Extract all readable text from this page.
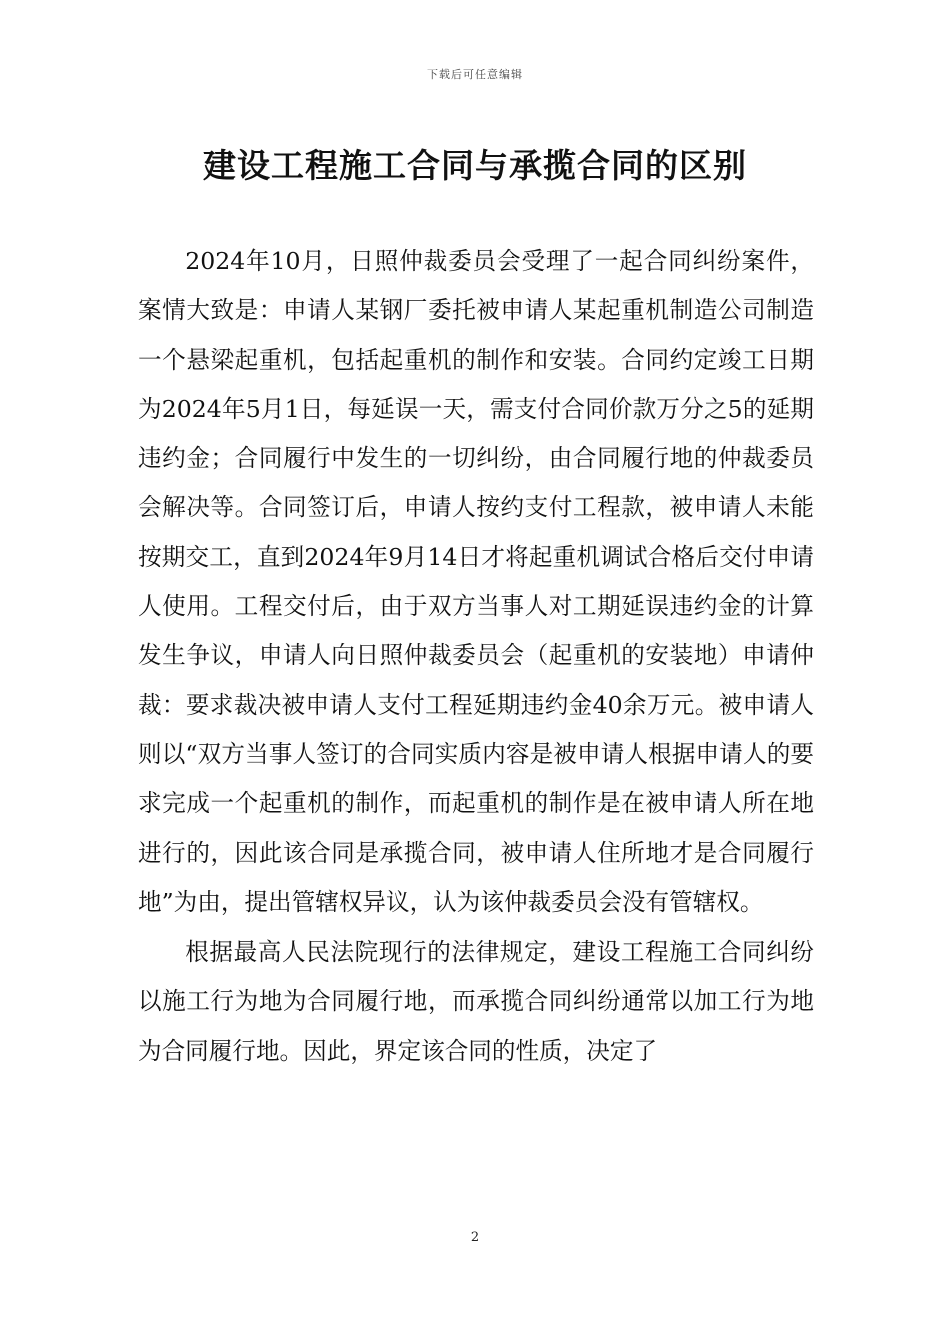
下载后可任意编辑
建设工程施工合同与承揽合同的区别

2024年10月，日照仲裁委员会受理了一起合同纠纷案件，案情大致是：申请人某钢厂委托被申请人某起重机制造公司制造一个悬梁起重机，包括起重机的制作和安装。合同约定竣工日期为2024年5月1日，每延误一天，需支付合同价款万分之5的延期违约金；合同履行中发生的一切纠纷，由合同履行地的仲裁委员会解决等。合同签订后，申请人按约支付工程款，被申请人未能按期交工，直到2024年9月14日才将起重机调试合格后交付申请人使用。工程交付后，由于双方当事人对工期延误违约金的计算发生争议，申请人向日照仲裁委员会（起重机的安装地）申请仲裁：要求裁决被申请人支付工程延期违约金40余万元。被申请人则以“双方当事人签订的合同实质内容是被申请人根据申请人的要求完成一个起重机的制作，而起重机的制作是在被申请人所在地进行的，因此该合同是承揽合同，被申请人住所地才是合同履行地”为由，提出管辖权异议，认为该仲裁委员会没有管辖权。

根据最高人民法院现行的法律规定，建设工程施工合同纠纷以施工行为地为合同履行地，而承揽合同纠纷通常以加工行为地为合同履行地。因此，界定该合同的性质，决定了

2
